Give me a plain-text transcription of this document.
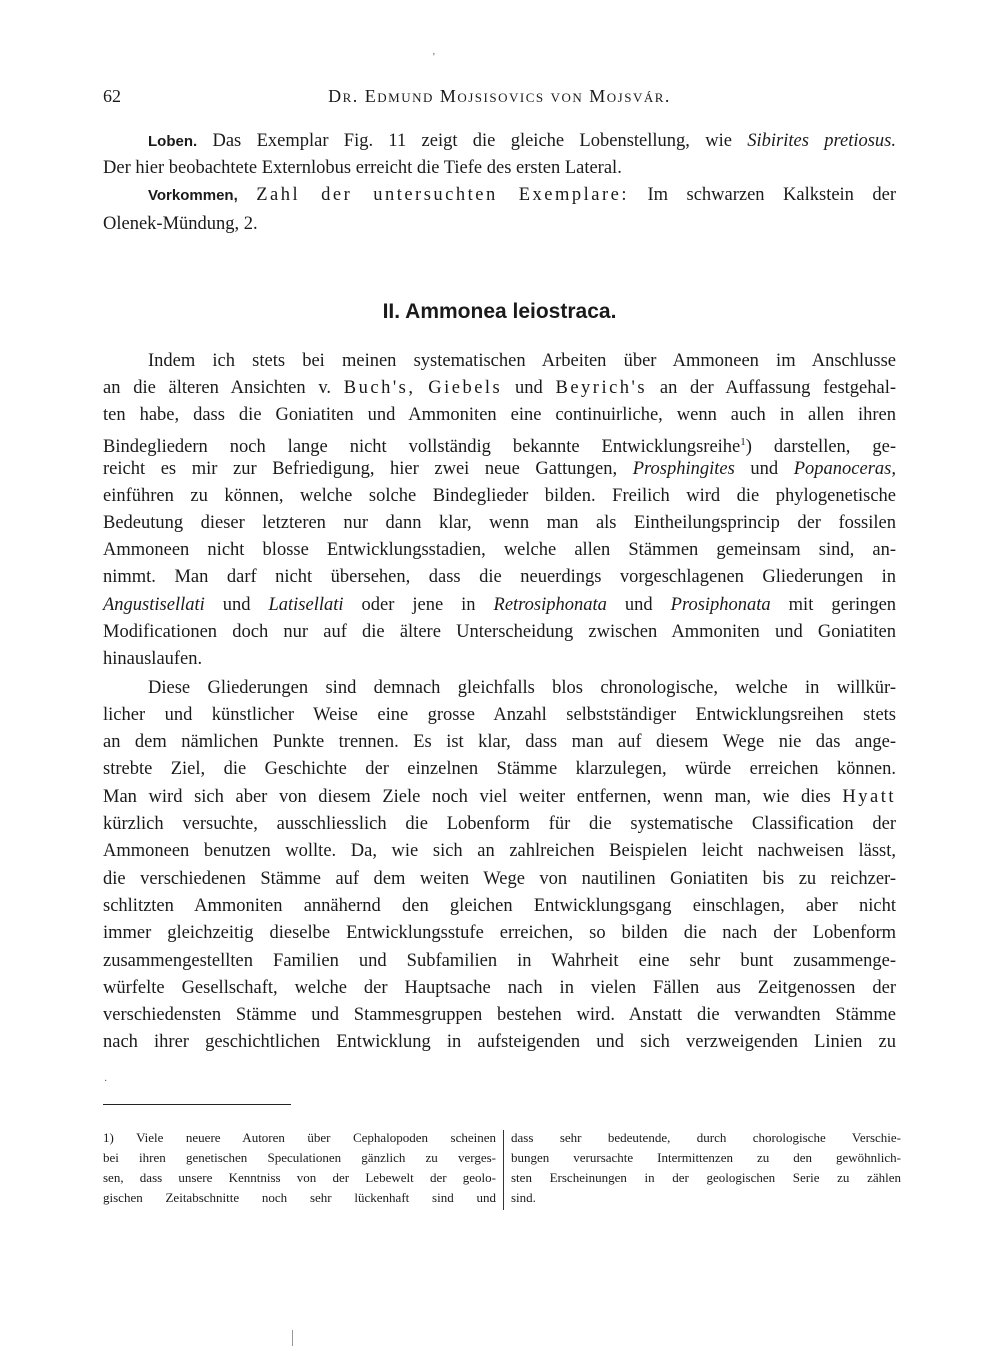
62	Dr. Edmund Mojsisovics von Mojsvár.
Loben. Das Exemplar Fig. 11 zeigt die gleiche Lobenstellung, wie Sibirites pretiosus.
Der hier beobachtete Externlobus erreicht die Tiefe des ersten Lateral.
Vorkommen, Zahl der untersuchten Exemplare: Im schwarzen Kalkstein der
Olenek-Mündung, 2.
II. Ammonea leiostraca.
Indem ich stets bei meinen systematischen Arbeiten über Ammoneen im Anschlusse
an die älteren Ansichten v. Buch's, Giebels und Beyrich's an der Auffassung festgehal-
ten habe, dass die Goniatiten und Ammoniten eine continuirliche, wenn auch in allen ihren
Bindegliedern noch lange nicht vollständig bekannte Entwicklungsreihe$^1$) darstellen, ge-
reicht es mir zur Befriedigung, hier zwei neue Gattungen, Prosphingites und Popanoceras,
einführen zu können, welche solche Bindeglieder bilden. Freilich wird die phylogenetische
Bedeutung dieser letzteren nur dann klar, wenn man als Eintheilungsprincip der fossilen
Ammoneen nicht blosse Entwicklungsstadien, welche allen Stämmen gemeinsam sind, an-
nimmt. Man darf nicht übersehen, dass die neuerdings vorgeschlagenen Gliederungen in
Angustisellati und Latisellati oder jene in Retrosiphonata und Prosiphonata mit geringen
Modificationen doch nur auf die ältere Unterscheidung zwischen Ammoniten und Goniatiten
hinauslaufen.
Diese Gliederungen sind demnach gleichfalls blos chronologische, welche in willkür-
licher und künstlicher Weise eine grosse Anzahl selbstständiger Entwicklungsreihen stets
an dem nämlichen Punkte trennen. Es ist klar, dass man auf diesem Wege nie das ange-
strebte Ziel, die Geschichte der einzelnen Stämme klarzulegen, würde erreichen können.
Man wird sich aber von diesem Ziele noch viel weiter entfernen, wenn man, wie dies Hyatt
kürzlich versuchte, ausschliesslich die Lobenform für die systematische Classification der
Ammoneen benutzen wollte. Da, wie sich an zahlreichen Beispielen leicht nachweisen lässt,
die verschiedenen Stämme auf dem weiten Wege von nautilinen Goniatiten bis zu reichzer-
schlitzten Ammoniten annähernd den gleichen Entwicklungsgang einschlagen, aber nicht
immer gleichzeitig dieselbe Entwicklungsstufe erreichen, so bilden die nach der Lobenform
zusammengestellten Familien und Subfamilien in Wahrheit eine sehr bunt zusammenge-
würfelte Gesellschaft, welche der Hauptsache nach in vielen Fällen aus Zeitgenossen der
verschiedensten Stämme und Stammesgruppen bestehen wird. Anstatt die verwandten Stämme
nach ihrer geschichtlichen Entwicklung in aufsteigenden und sich verzweigenden Linien zu
1) Viele neuere Autoren über Cephalopoden scheinen
bei ihren genetischen Speculationen gänzlich zu verges-
sen, dass unsere Kenntniss von der Lebewelt der geolo-
gischen Zeitabschnitte noch sehr lückenhaft sind und
dass sehr bedeutende, durch chorologische Verschie-
bungen verursachte Intermittenzen zu den gewöhnlich-
sten Erscheinungen in der geologischen Serie zu zählen
sind.
'
·
